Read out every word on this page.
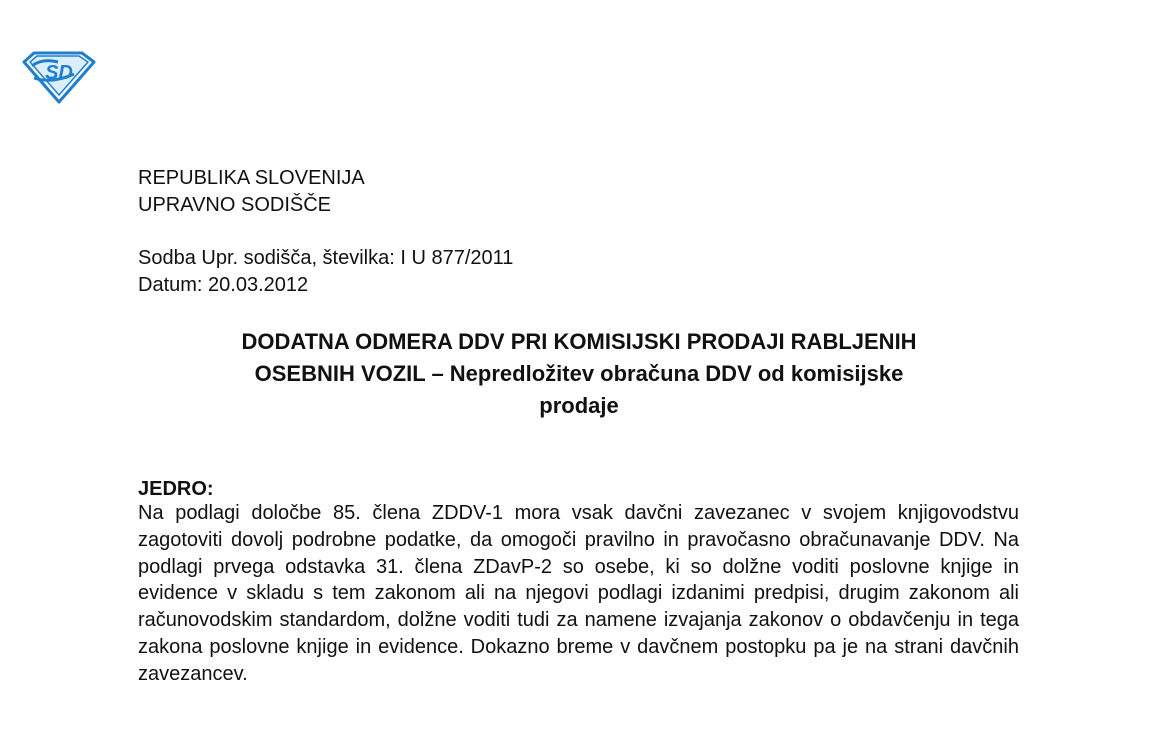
SD
REPUBLIKA SLOVENIJA
UPRAVNO SODIŠČE
Sodba Upr. sodišča, številka: I U 877/2011
Datum: 20.03.2012
DODATNA ODMERA DDV PRI KOMISIJSKI PRODAJI RABLJENIH
OSEBNIH VOZIL – Nepredložitev obračuna DDV od komisijske
prodaje
JEDRO:
Na podlagi določbe 85. člena ZDDV-1 mora vsak davčni zavezanec v svojem knjigovodstvu zagotoviti dovolj podrobne podatke, da omogoči pravilno in pravočasno obračunavanje DDV. Na podlagi prvega odstavka 31. člena ZDavP-2 so osebe, ki so dolžne voditi poslovne knjige in evidence v skladu s tem zakonom ali na njegovi podlagi izdanimi predpisi, drugim zakonom ali računovodskim standardom, dolžne voditi tudi za namene izvajanja zakonov o obdavčenju in tega zakona poslovne knjige in evidence. Dokazno breme v davčnem postopku pa je na strani davčnih zavezancev.
